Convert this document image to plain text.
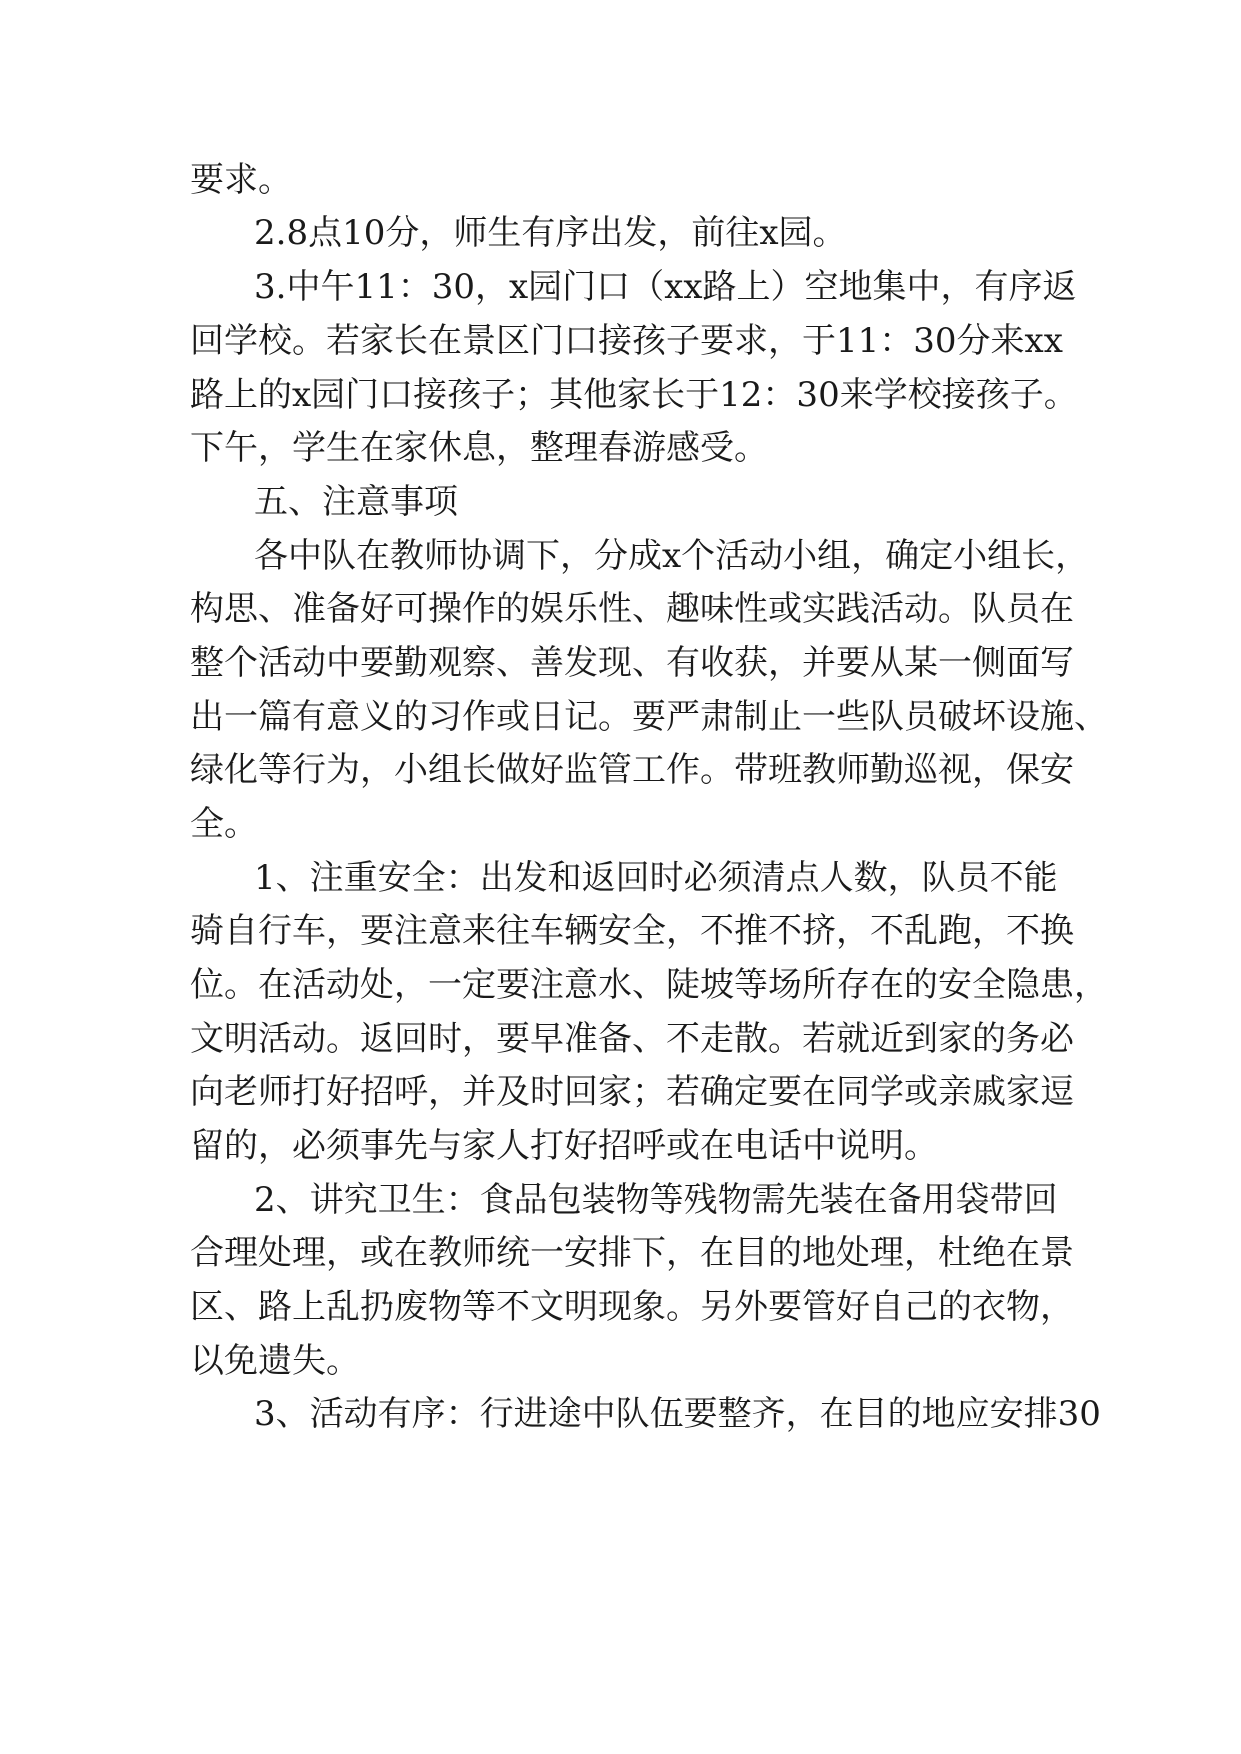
要求。
2.8点10分，师生有序出发，前往x园。
3.中午11：30，x园门口（xx路上）空地集中，有序返
回学校。若家长在景区门口接孩子要求，于11：30分来xx
路上的x园门口接孩子；其他家长于12：30来学校接孩子。
下午，学生在家休息，整理春游感受。
五、注意事项
各中队在教师协调下，分成x个活动小组，确定小组长，
构思、准备好可操作的娱乐性、趣味性或实践活动。队员在
整个活动中要勤观察、善发现、有收获，并要从某一侧面写
出一篇有意义的习作或日记。要严肃制止一些队员破坏设施、
绿化等行为，小组长做好监管工作。带班教师勤巡视，保安
全。
1、注重安全：出发和返回时必须清点人数，队员不能
骑自行车，要注意来往车辆安全，不推不挤，不乱跑，不换
位。在活动处，一定要注意水、陡坡等场所存在的安全隐患，
文明活动。返回时，要早准备、不走散。若就近到家的务必
向老师打好招呼，并及时回家；若确定要在同学或亲戚家逗
留的，必须事先与家人打好招呼或在电话中说明。
2、讲究卫生：食品包装物等残物需先装在备用袋带回
合理处理，或在教师统一安排下，在目的地处理，杜绝在景
区、路上乱扔废物等不文明现象。另外要管好自己的衣物，
以免遗失。
3、活动有序：行进途中队伍要整齐，在目的地应安排30
